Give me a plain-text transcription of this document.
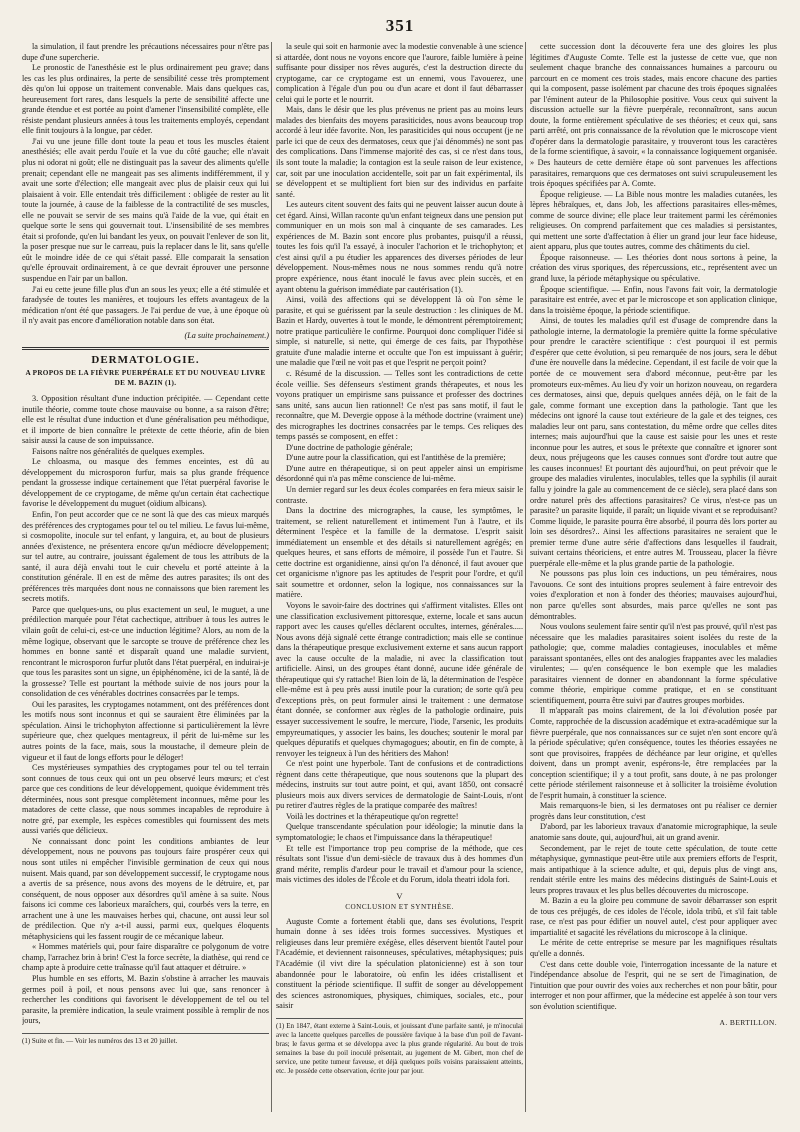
351

la simulation, il faut prendre les précautions nécessaires pour n'être pas dupe d'une supercherie.

Le pronostic de l'anesthésie est le plus ordinairement peu grave; dans les cas les plus ordinaires, la perte de sensibilité cesse très promptement dès qu'on lui oppose un traitement convenable. Mais dans quelques cas, heureusement fort rares, dans lesquels la perte de sensibilité affecte une grande étendue et est portée au point d'amener l'insensibilité complète, elle résiste pendant plusieurs années à tous les traitements employés, cependant elle finit toujours à la longue, par céder.

J'ai vu une jeune fille dont toute la peau et tous les muscles étaient anesthésiés; elle avait perdu l'ouïe et la vue du côté gauche; elle n'avait plus ni odorat ni goût; elle ne distinguait pas la saveur des aliments qu'elle prenait; cependant elle ne mangeait pas ses aliments indifféremment, il y avait une sorte d'élection; elle mangeait avec plus de plaisir ceux qui lui plaisaient à voir. Elle entendait très difficilement : obligée de rester au lit toute la journée, à cause de la faiblesse de la contractilité de ses muscles, elle ne pouvait se servir de ses mains qu'à l'aide de la vue, qui était en quelque sorte le sens qui gouvernait tout. L'insensibilité de ses membres était si profonde, qu'en lui bandant les yeux, on pouvait l'enlever de son lit, la poser presque nue sur le carreau, puis la replacer dans le lit, sans qu'elle eût le moindre idée de ce qui s'était passé. Elle comparait la sensation qu'elle éprouvait ordinairement, à ce que devrait éprouver une personne suspendue en l'air par un ballon.

J'ai eu cette jeune fille plus d'un an sous les yeux; elle a été stimulée et faradysée de toutes les manières, et toujours les effets avantageux de la médication n'ont été que passagers. Je l'ai perdue de vue, à une époque où il n'y avait pas encore d'amélioration notable dans son état.

(La suite prochainement.)
DERMATOLOGIE.
A PROPOS DE LA FIÈVRE PUERPÉRALE ET DU NOUVEAU LIVRE DE M. BAZIN (1).

3. Opposition résultant d'une induction précipitée. — Cependant cette inutile théorie, comme toute chose mauvaise ou bonne, a sa raison d'être; elle est le résultat d'une induction et d'une généralisation peu méthodique, et il importe de bien connaître le prétexte de cette théorie, afin de bien saisir aussi la cause de son impuissance.

Faisons naître nos généralités de quelques exemples.

Le chloasma, ou masque des femmes enceintes, est dû au développement du microsporon furfur, mais sa plus grande fréquence pendant la grossesse indique certainement que l'état puerpéral favorise le développement de ce cryptogame, de même qu'un certain état cachectique favorise le développement du muguet (oïdium albicans).

Enfin, l'on peut accorder que ce ne sont là que des cas mieux marqués des préférences des cryptogames pour tel ou tel milieu. Le favus lui-même, si cosmopolite, inocule sur tel enfant, y languira, et, au bout de plusieurs années d'existence, ne présentera encore qu'un médiocre développement; sur tel autre, au contraire, jouissant également de tous les attributs de la santé, il aura déjà envahi tout le cuir chevelu et porté atteinte à la constitution générale. Il en est de même des autres parasites; ils ont des préférences très marquées dont nous ne connaissons que bien rarement les secrets motifs.

Parce que quelques-uns, ou plus exactement un seul, le muguet, a une prédilection marquée pour l'état cachectique, attribuer à tous les autres le vilain goût de celui-ci, est-ce une induction légitime? Alors, au nom de la même logique, observant que le sarcopte se trouve de préférence chez les hommes en bonne santé et disparaît quand une maladie survient, rencontrant le microsporon furfur plutôt dans l'état puerpéral, en induirai-je que tous les parasites sont un signe, un épiphénomène, ici de la santé, là de la grossesse? Telle est pourtant la méthode suivie de nos jours pour la consolidation de ces vénérables doctrines consacrées par le temps.

Oui les parasites, les cryptogames notamment, ont des préférences dont les motifs nous sont inconnus et qui se sauraient être éliminées par la spéculation. Ainsi le trichophyton affectionne si particulièrement la lèvre supérieure que, chez quelques mentagreux, il périt de lui-même sur les autres points de la face, mais, sous la moustache, il demeure plein de vigueur et il faut de longs efforts pour le déloger!

Ces mystérieuses sympathies des cryptogames pour tel ou tel terrain sont connues de tous ceux qui ont un peu observé leurs mœurs; et c'est parce que ces conditions de leur développement, quoique évidemment très déterminées, nous sont presque complètement inconnues, même pour les matadores de cette classe, que nous sommes incapables de reproduire à notre gré, par exemple, les espèces comestibles qui fournissent des mets aussi variés que délicieux.

Ne connaissant donc point les conditions ambiantes de leur développement, nous ne pouvons pas toujours faire prospérer ceux qui nous sont utiles ni empêcher l'invisible germination de ceux qui nous nuisent. Mais quand, par son développement successif, le cryptogame nous a avertis de sa présence, nous avons des moyens de le détruire, et, par conséquent, de nous opposer aux désordres qu'il amène à sa suite. Nous faisons ici comme ces laborieux maraîchers, qui, courbés vers la terre, en arrachent une à une les mauvaises herbes qui, chacune, ont aussi leur sol de prédilection. Que n'y a-t-il aussi, parmi eux, quelques éloquents métaphysiciens qui les fassent rougir de ce mécanique labeur.

« Hommes matériels qui, pour faire disparaître ce polygonum de votre champ, l'arrachez brin à brin! C'est la force secrète, la diathèse, qui rend ce champ apte à produire cette traînasse qu'il faut attaquer et détruire. »

Plus humble en ses efforts, M. Bazin s'obstine à arracher les mauvais germes poil à poil, et nous pensons avec lui que, sans renoncer à rechercher les conditions qui favorisent le développement de tel ou tel parasite, la première indication, la seule vraiment possible à remplir de nos jours,

(1) Suite et fin. — Voir les numéros des 13 et 20 juillet.

la seule qui soit en harmonie avec la modestie convenable à une science si attardée, dont nous ne voyons encore que l'aurore, faible lumière à peine suffisante pour dissiper nos rêves augurés, c'est la destruction directe du cryptogame, car ce cryptogame est un ennemi, vous l'avouerez, une complication à l'égale d'un pou ou d'un acare et dont il faut débarrasser celui qui le porte et le nourrit.

Mais, dans le désir que les plus prévenus ne prient pas au moins leurs malades des bienfaits des moyens parasiticides, nous avons beaucoup trop accordé à leur idée favorite. Non, les parasiticides qui nous occupent (je ne parle ici que de ceux des dermatoses, ceux que j'ai dénommés) ne sont pas des complications. Dans l'immense majorité des cas, si ce n'est dans tous, ils sont toute la maladie; la contagion est la seule raison de leur existence, car, soit par une inoculation accidentelle, soit par un fait expérimental, ils se développent et se multiplient fort bien sur des individus en parfaite santé.

Les auteurs citent souvent des faits qui ne peuvent laisser aucun doute à cet égard. Ainsi, Willan raconte qu'un enfant teigneux dans une pension put communiquer en un mois son mal à cinquante de ses camarades. Les expériences de M. Bazin sont encore plus probantes, puisqu'il a réussi, toutes les fois qu'il l'a essayé, à inoculer l'achorion et le trichophyton; et c'est ainsi qu'il a pu étudier les apparences des diverses périodes de leur développement. Nous-mêmes nous ne nous sommes rendu qu'à notre propre expérience, nous étant inoculé le favus avec plein succès, et en ayant obtenu la guérison immédiate par cautérisation (1).

Ainsi, voilà des affections qui se développent là où l'on sème le parasite, et qui se guérissent par la seule destruction : les cliniques de M. Bazin et Hardy, ouvertes à tout le monde, le démontrent péremptoirement; notre pratique particulière le confirme. Pourquoi donc compliquer l'idée si simple, si naturelle, si nette, qui émerge de ces faits, par l'hypothèse gratuite d'une maladie interne et occulte que l'on est impuissant à guérir; une maladie que l'œil ne voit pas et que l'esprit ne perçoit point?

c. Résumé de la discussion. — Telles sont les contradictions de cette école veillie. Ses défenseurs s'estiment grands thérapeutes, et nous les voyons pratiquer un empirisme sans puissance et professer des doctrines sans unité, sans aucun lien rationnel! Ce n'est pas sans motif, il faut le reconnaître, que M. Devergie oppose à la méthode doctrine (vraiment une) des micrographes les doctrines consacrées par le temps. Ces reliques des temps passés se composent, en effet :

D'une doctrine de pathologie générale;

D'une autre pour la classification, qui est l'antithèse de la première;

D'une autre en thérapeutique, si on peut appeler ainsi un empirisme désordonné qui n'a pas même conscience de lui-même.

Un dernier regard sur les deux écoles comparées en fera mieux saisir le contraste.

Dans la doctrine des micrographes, la cause, les symptômes, le traitement, se relient naturellement et intimement l'un à l'autre, et ils déterminent l'espèce et la famille de la dermatose. L'esprit saisit immédiatement un ensemble et des détails si naturellement agrégés; en quelques heures, et sans efforts de mémoire, il possède l'un et l'autre. Si cette doctrine est organidienne, ainsi qu'on l'a dénoncé, il faut avouer que cet organicisme n'ignore pas les aptitudes de l'esprit pour l'ordre, et qu'il sait soumettre et ordonner, selon la logique, nos connaissances sur la matière.

Voyons le savoir-faire des doctrines qui s'affirment vitalistes. Elles ont une classification exclusivement pittoresque, externe, locale et sans aucun rapport avec les causes qu'elles déclarent occultes, internes, générales..... Nous avons déjà signalé cette étrange contradiction; mais elle se continue dans la thérapeutique presque exclusivement externe et sans aucun rapport avec la cause occulte de la maladie, ni avec la classification tout artificielle. Ainsi, un des groupes étant donné, aucune idée générale de thérapeutique qui s'y rattache! Bien loin de là, la détermination de l'espèce elle-même est à peu près aussi inutile pour la curation; de sorte qu'à peu d'exceptions près, on peut formuler ainsi le traitement : une dermatose étant donnée, se conformer aux règles de la pathologie ordinaire, puis essayer successivement le soufre, le mercure, l'iode, l'arsenic, les produits empyreumatiques, y associer les bains, les douches; soutenir le moral par quelques dépuratifs et quelques chymagogues; aboutir, en fin de compte, à renvoyer les teigneux à l'un des héritiers des Mahon!

Ce n'est point une hyperbole. Tant de confusions et de contradictions règnent dans cette thérapeutique, que nous soutenons que la plupart des médecins, instruits sur tout autre point, et qui, avant 1850, ont consacré plusieurs mois aux divers services de dermatologie de Saint-Louis, n'ont pu retirer d'autres règles de la pratique comparée des maîtres!

Voilà les doctrines et la thérapeutique qu'on regrette!

Quelque transcendante spéculation pour idéologie; la minutie dans la symptomatologie; le chaos et l'impuissance dans la thérapeutique!

Et telle est l'importance trop peu comprise de la méthode, que ces résultats sont l'issue d'un demi-siècle de travaux dus à des hommes d'un grand mérite, remplis d'ardeur pour le travail et d'amour pour la science, mais victimes des idoles de l'École et du Forum, idola theatri idola fori.

V
CONCLUSION ET SYNTHÈSE.

Auguste Comte a fortement établi que, dans ses évolutions, l'esprit humain donne à ses idées trois formes successives. Mystiques et religieuses dans leur première exégèse, elles déservent bientôt l'autel pour l'Académie, et deviennent raisonneuses, spéculatives, métaphysiques; puis l'Académie (il vivt dire la spéculation platonicienne) est à son tour abandonnée pour le laboratoire, où enfin les idées cristallisent et constituent la période scientifique. Il suffit de songer au développement des sciences astronomiques, physiques, chimiques, sociales, etc., pour saisir

(1) En 1847, étant externe à Saint-Louis, et jouissant d'une parfaite santé, je m'inoculai avec la lancette quelques parcelles de poussière favique à la base d'un poil de l'avant-bras; le favus germa et se développa avec la plus grande régularité. Au bout de trois semaines la base du poil inoculé présentait, au jugement de M. Gibert, mon chef de service, une petite tumeur faveuse, et déjà quelques poils voisins paraissaient atteints, etc. Je possède cette observation, écrite jour par jour.

cette succession dont la découverte fera une des gloires les plus légitimes d'Auguste Comte. Telle est la justesse de cette vue, que non seulement chaque branche des connaissances humaines a parcouru ou parcourt en ce moment ces trois stades, mais encore chacune des parties qui la composent, passe isolément par chacune des trois époques signalées par l'éminent auteur de la Philosophie positive. Vous ceux qui suivent la discussion actuelle sur la fièvre puerpérale, reconnaîtront, sans aucun doute, la forme entièrement spéculative de ses théories; et ceux qui, sans parti arrêté, ont pris connaissance de la révolution que le microscope vient d'opérer dans la dermatologie parasitaire, y trouveront tous les caractères de la forme scientifique, à savoir, « la connaissance logiquement organisée. » Des hauteurs de cette dernière étape où sont parvenues les affections parasitaires, remarquons que ces dermatoses ont suivi scrupuleusement les trois époques spécifiées par A. Comte.

Époque religieuse. — La Bible nous montre les maladies cutanées, les lèpres hébraïques, et, dans Job, les affections parasitaires elles-mêmes, comme de source divine; elle place leur traitement parmi les cérémonies religieuses. On comprend parfaitement que ces maladies si persistantes, qui mettent une sorte d'affectation à élier un grand jour leur face hideuse, aient apparu, plus que toutes autres, comme des châtiments du ciel.

Époque raisonneuse. — Les théories dont nous sortons à peine, la création des virus sporiques, des répercussions, etc., représentent avec un grand luxe, la période métaphysique ou spéculative.

Époque scientifique. — Enfin, nous l'avons fait voir, la dermatologie parasitaire est entrée, avec et par le microscope et son application clinique, dans la troisième époque, la période scientifique.

Ainsi, de toutes les maladies qu'il est d'usage de comprendre dans la pathologie interne, la dermatologie la première quitte la forme spéculative pour prendre le caractère scientifique : c'est pourquoi il est permis d'espérer que cette évolution, si peu remarquée de nos jours, sera le début d'une ère nouvelle dans la médecine. Cependant, il est facile de voir que la portée de ce mouvement sera d'abord méconnue, peut-être par les promoteurs eux-mêmes. Au lieu d'y voir un horizon nouveau, on regardera ces dermatoses, ainsi que, depuis quelques années déjà, on le fait de la gale, comme formant une exception dans la pathologie. Tant que les médecins ont ignoré la cause tout extérieure de la gale et des teignes, ces maladies leur ont paru, sans contestation, du même ordre que celles dites internes; mais aujourd'hui que la cause est saisie pour les unes et reste inconnue pour les autres, et sous le prétexte que connaître et ignorer sont deux, nous préjugeons que les causes connues sont d'ordre tout autre que les causes inconnues! Et pourtant dès aujourd'hui, on peut prévoir que le groupe des maladies virulentes, inoculables, telles que la syphilis (il aurait fallu y joindre la gale au commencement de ce siècle), sera placé dans son ordre naturel près des affections parasitaires? Ce virus, n'est-ce pas un parasite? un parasite liquide, il paraît; un liquide vivant et se reproduisant? Comme liquide, le parasite pourra être absorbé, il pourra dès lors porter au loin ses désordres?.. Ainsi les affections parasitaires ne seraient que le premier terme d'une autre série d'affections dans lesquelles il faudrait, suivant certains théoriciens, et entre autres M. Trousseau, placer la fièvre puerpérale elle-même et la plus grande partie de la pathologie.

Ne poussons pas plus loin ces inductions, un peu téméraires, nous l'avouons. Ce sont des intuitions propres seulement à faire entrevoir des voies d'exploration et non à fonder des théories; mauvaises aujourd'hui, non parce qu'elles sont absurdes, mais parce qu'elles ne sont pas démontrables.

Nous voulons seulement faire sentir qu'il n'est pas prouvé, qu'il n'est pas nécessaire que les maladies parasitaires soient isolées du reste de la pathologie; que, comme maladies contagieuses, inoculables et même paraissant spontanées, elles ont des analogies frappantes avec les maladies virulentes; — qu'en conséquence le bon exemple que les maladies parasitaires viennent de donner en abandonnant la forme spéculative comme théorie, empirique comme pratique, et en se constituant scientifiquement, pourra être suivi par d'autres groupes morbides.

Il m'apparaît pas moins clairement, de la loi d'évolution posée par Comte, rapprochée de la discussion académique et extra-académique sur la fièvre puerpérale, que nos connaissances sur ce sujet n'en sont encore qu'à la période spéculative; qu'en conséquence, toutes les théories essayées ne sont que provisoires, frappées de déchéance par leur origine, et qu'elles doivent, dans un prompt avenir, espérons-le, être remplacées par la conception scientifique; il y a tout profit, sans doute, à ne pas prolonger cette période stérilement raisonneuse et à solliciter la troisième évolution de l'esprit humain, à constituer la science.

Mais remarquons-le bien, si les dermatoses ont pu réaliser ce dernier progrès dans leur constitution, c'est

D'abord, par les laborieux travaux d'anatomie micrographique, la seule anatomie sans doute, qui, aujourd'hui, ait un grand avenir.

Secondement, par le rejet de toute cette spéculation, de toute cette métaphysique, gymnastique peut-être utile aux premiers efforts de l'esprit, mais antipathique à la science adulte, et qui, depuis plus de vingt ans, rendait stérile entre les mains des médecins distingués de Saint-Louis et leurs propres travaux et les plus belles découvertes du microscope.

M. Bazin a eu la gloire peu commune de savoir débarrasser son esprit de tous ces préjugés, de ces idoles de l'école, idola tribû, et s'il fait table rase, ce n'est pas pour édifier un nouvel autel, c'est pour appliquer avec impartialité et sagacité les révélations du microscope à la clinique.

Le mérite de cette entreprise se mesure par les magnifiques résultats qu'elle a donnés.

C'est dans cette double voie, l'interrogation incessante de la nature et l'indépendance absolue de l'esprit, qui ne se sert de l'imagination, de l'intuition que pour ouvrir des voies aux recherches et non pour bâtir, pour interroger et non pour affirmer, que la médecine est appelée à son tour vers son évolution scientifique.

A. BERTILLON.
